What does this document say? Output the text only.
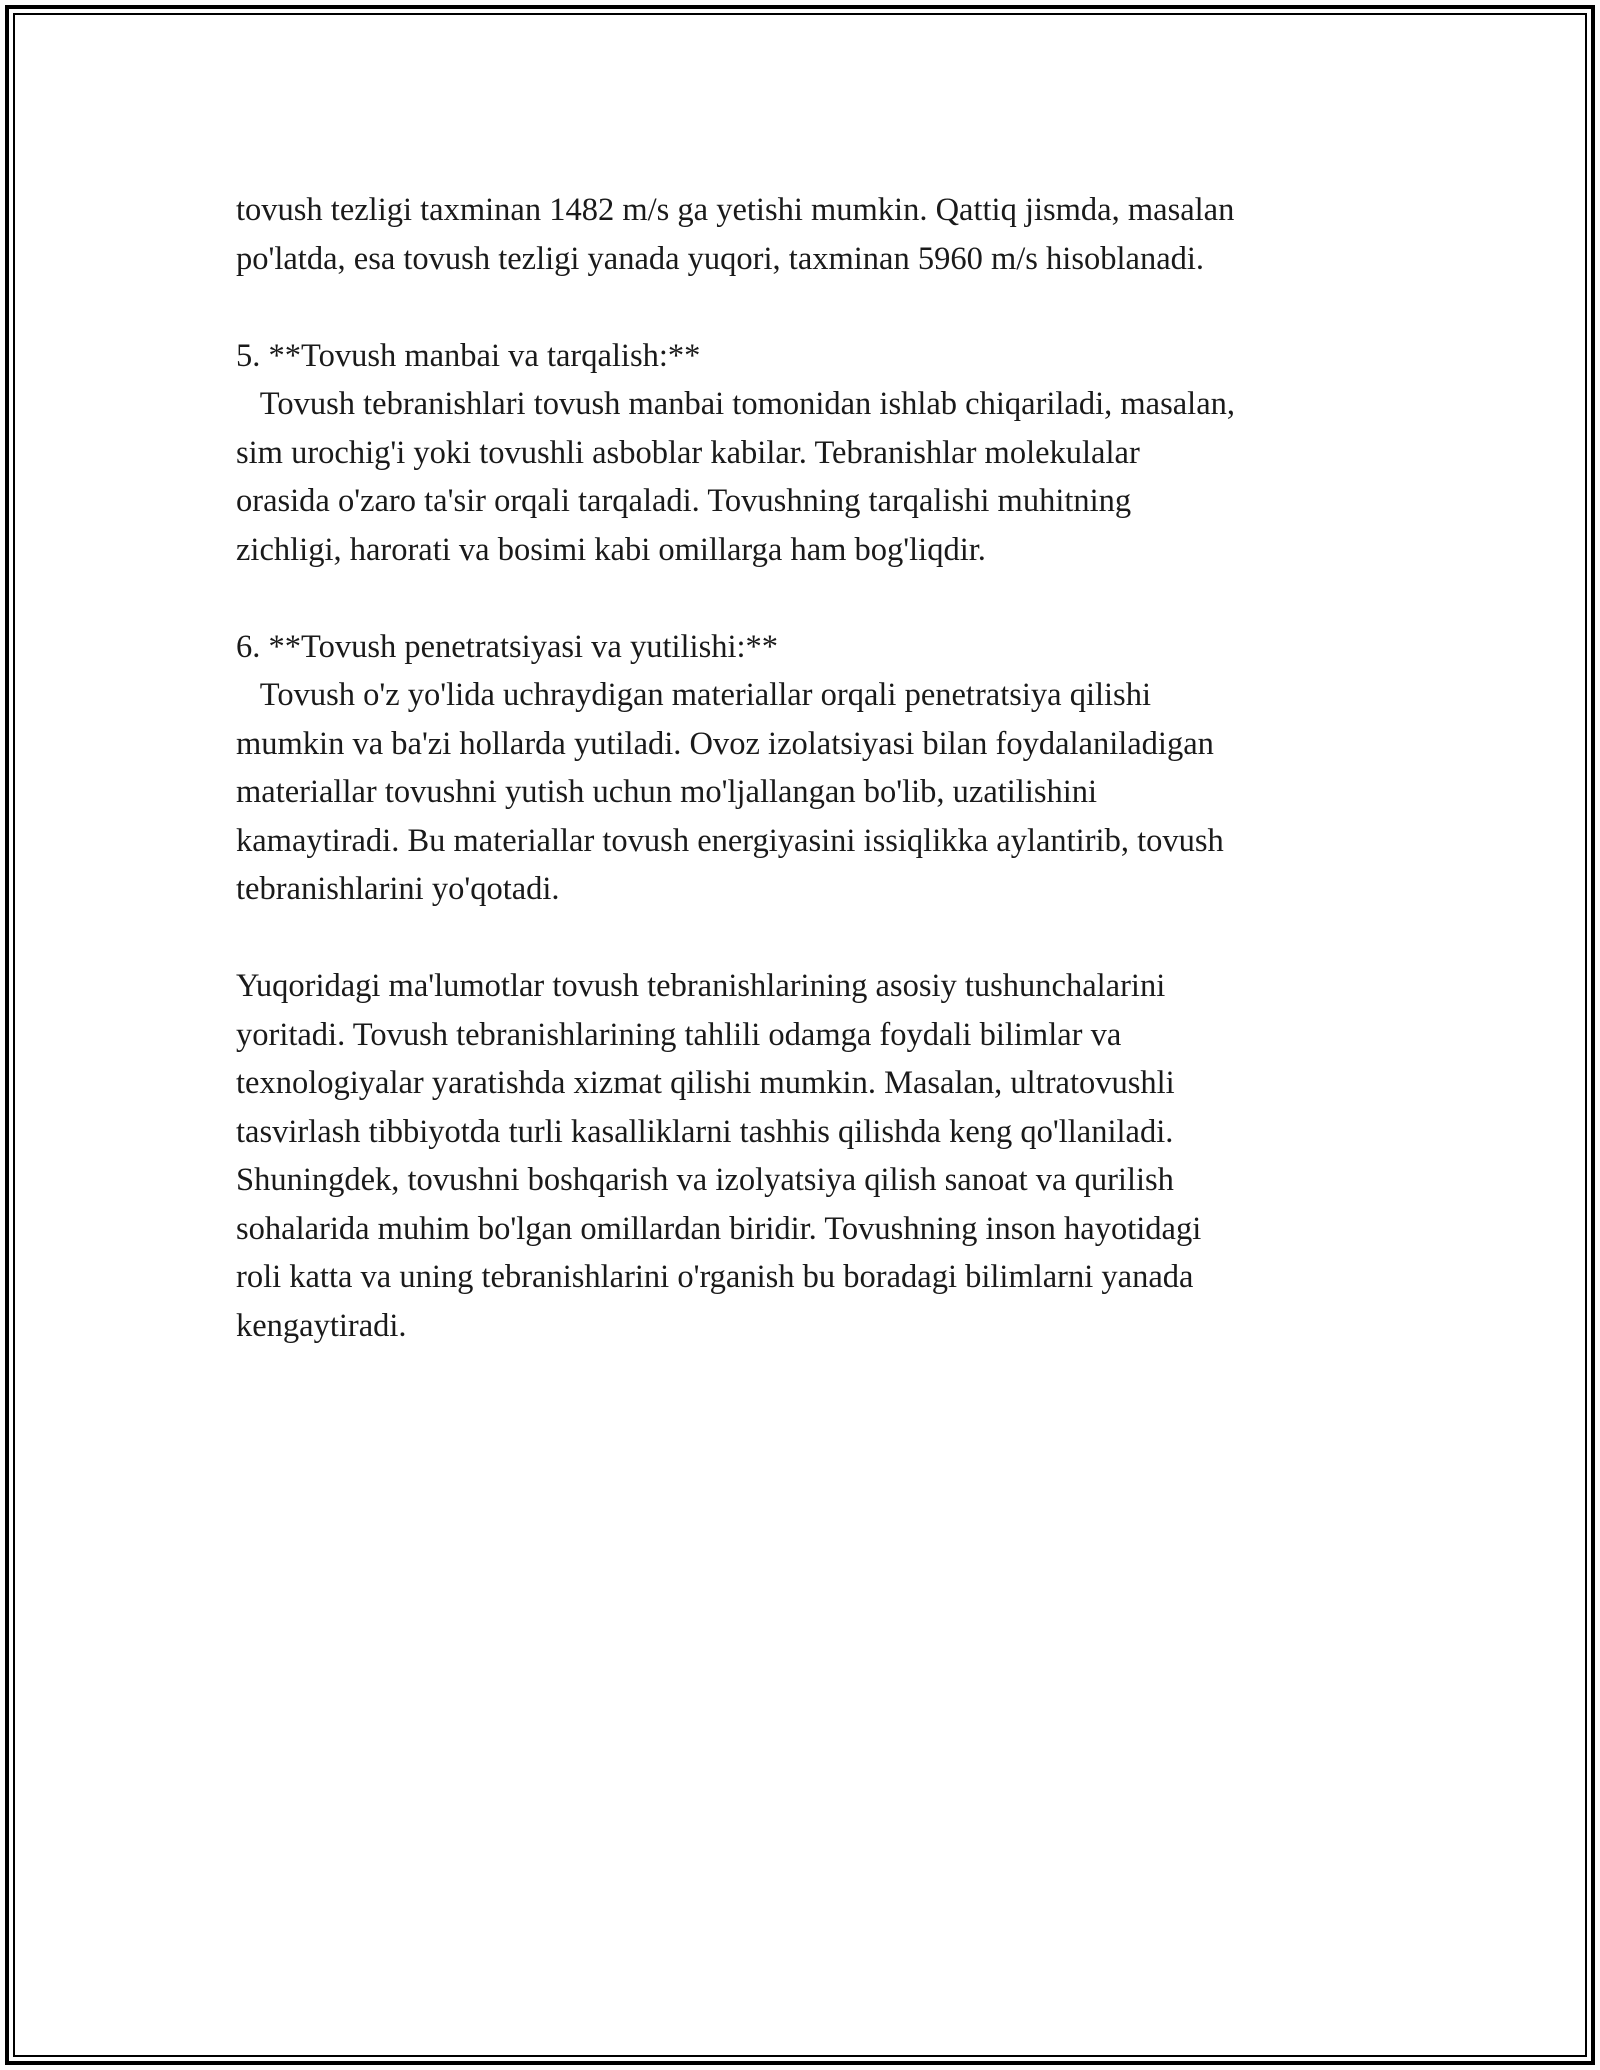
tovush tezligi taxminan 1482 m/s ga yetishi mumkin. Qattiq jismda, masalan
po'latda, esa tovush tezligi yanada yuqori, taxminan 5960 m/s hisoblanadi.

5. **Tovush manbai va tarqalish:**
Tovush tebranishlari tovush manbai tomonidan ishlab chiqariladi, masalan,
sim urochig'i yoki tovushli asboblar kabilar. Tebranishlar molekulalar
orasida o'zaro ta'sir orqali tarqaladi. Tovushning tarqalishi muhitning
zichligi, harorati va bosimi kabi omillarga ham bog'liqdir.

6. **Tovush penetratsiyasi va yutilishi:**
Tovush o'z yo'lida uchraydigan materiallar orqali penetratsiya qilishi
mumkin va ba'zi hollarda yutiladi. Ovoz izolatsiyasi bilan foydalaniladigan
materiallar tovushni yutish uchun mo'ljallangan bo'lib, uzatilishini
kamaytiradi. Bu materiallar tovush energiyasini issiqlikka aylantirib, tovush
tebranishlarini yo'qotadi.

Yuqoridagi ma'lumotlar tovush tebranishlarining asosiy tushunchalarini
yoritadi. Tovush tebranishlarining tahlili odamga foydali bilimlar va
texnologiyalar yaratishda xizmat qilishi mumkin. Masalan, ultratovushli
tasvirlash tibbiyotda turli kasalliklarni tashhis qilishda keng qo'llaniladi.
Shuningdek, tovushni boshqarish va izolyatsiya qilish sanoat va qurilish
sohalarida muhim bo'lgan omillardan biridir. Tovushning inson hayotidagi
roli katta va uning tebranishlarini o'rganish bu boradagi bilimlarni yanada
kengaytiradi.
